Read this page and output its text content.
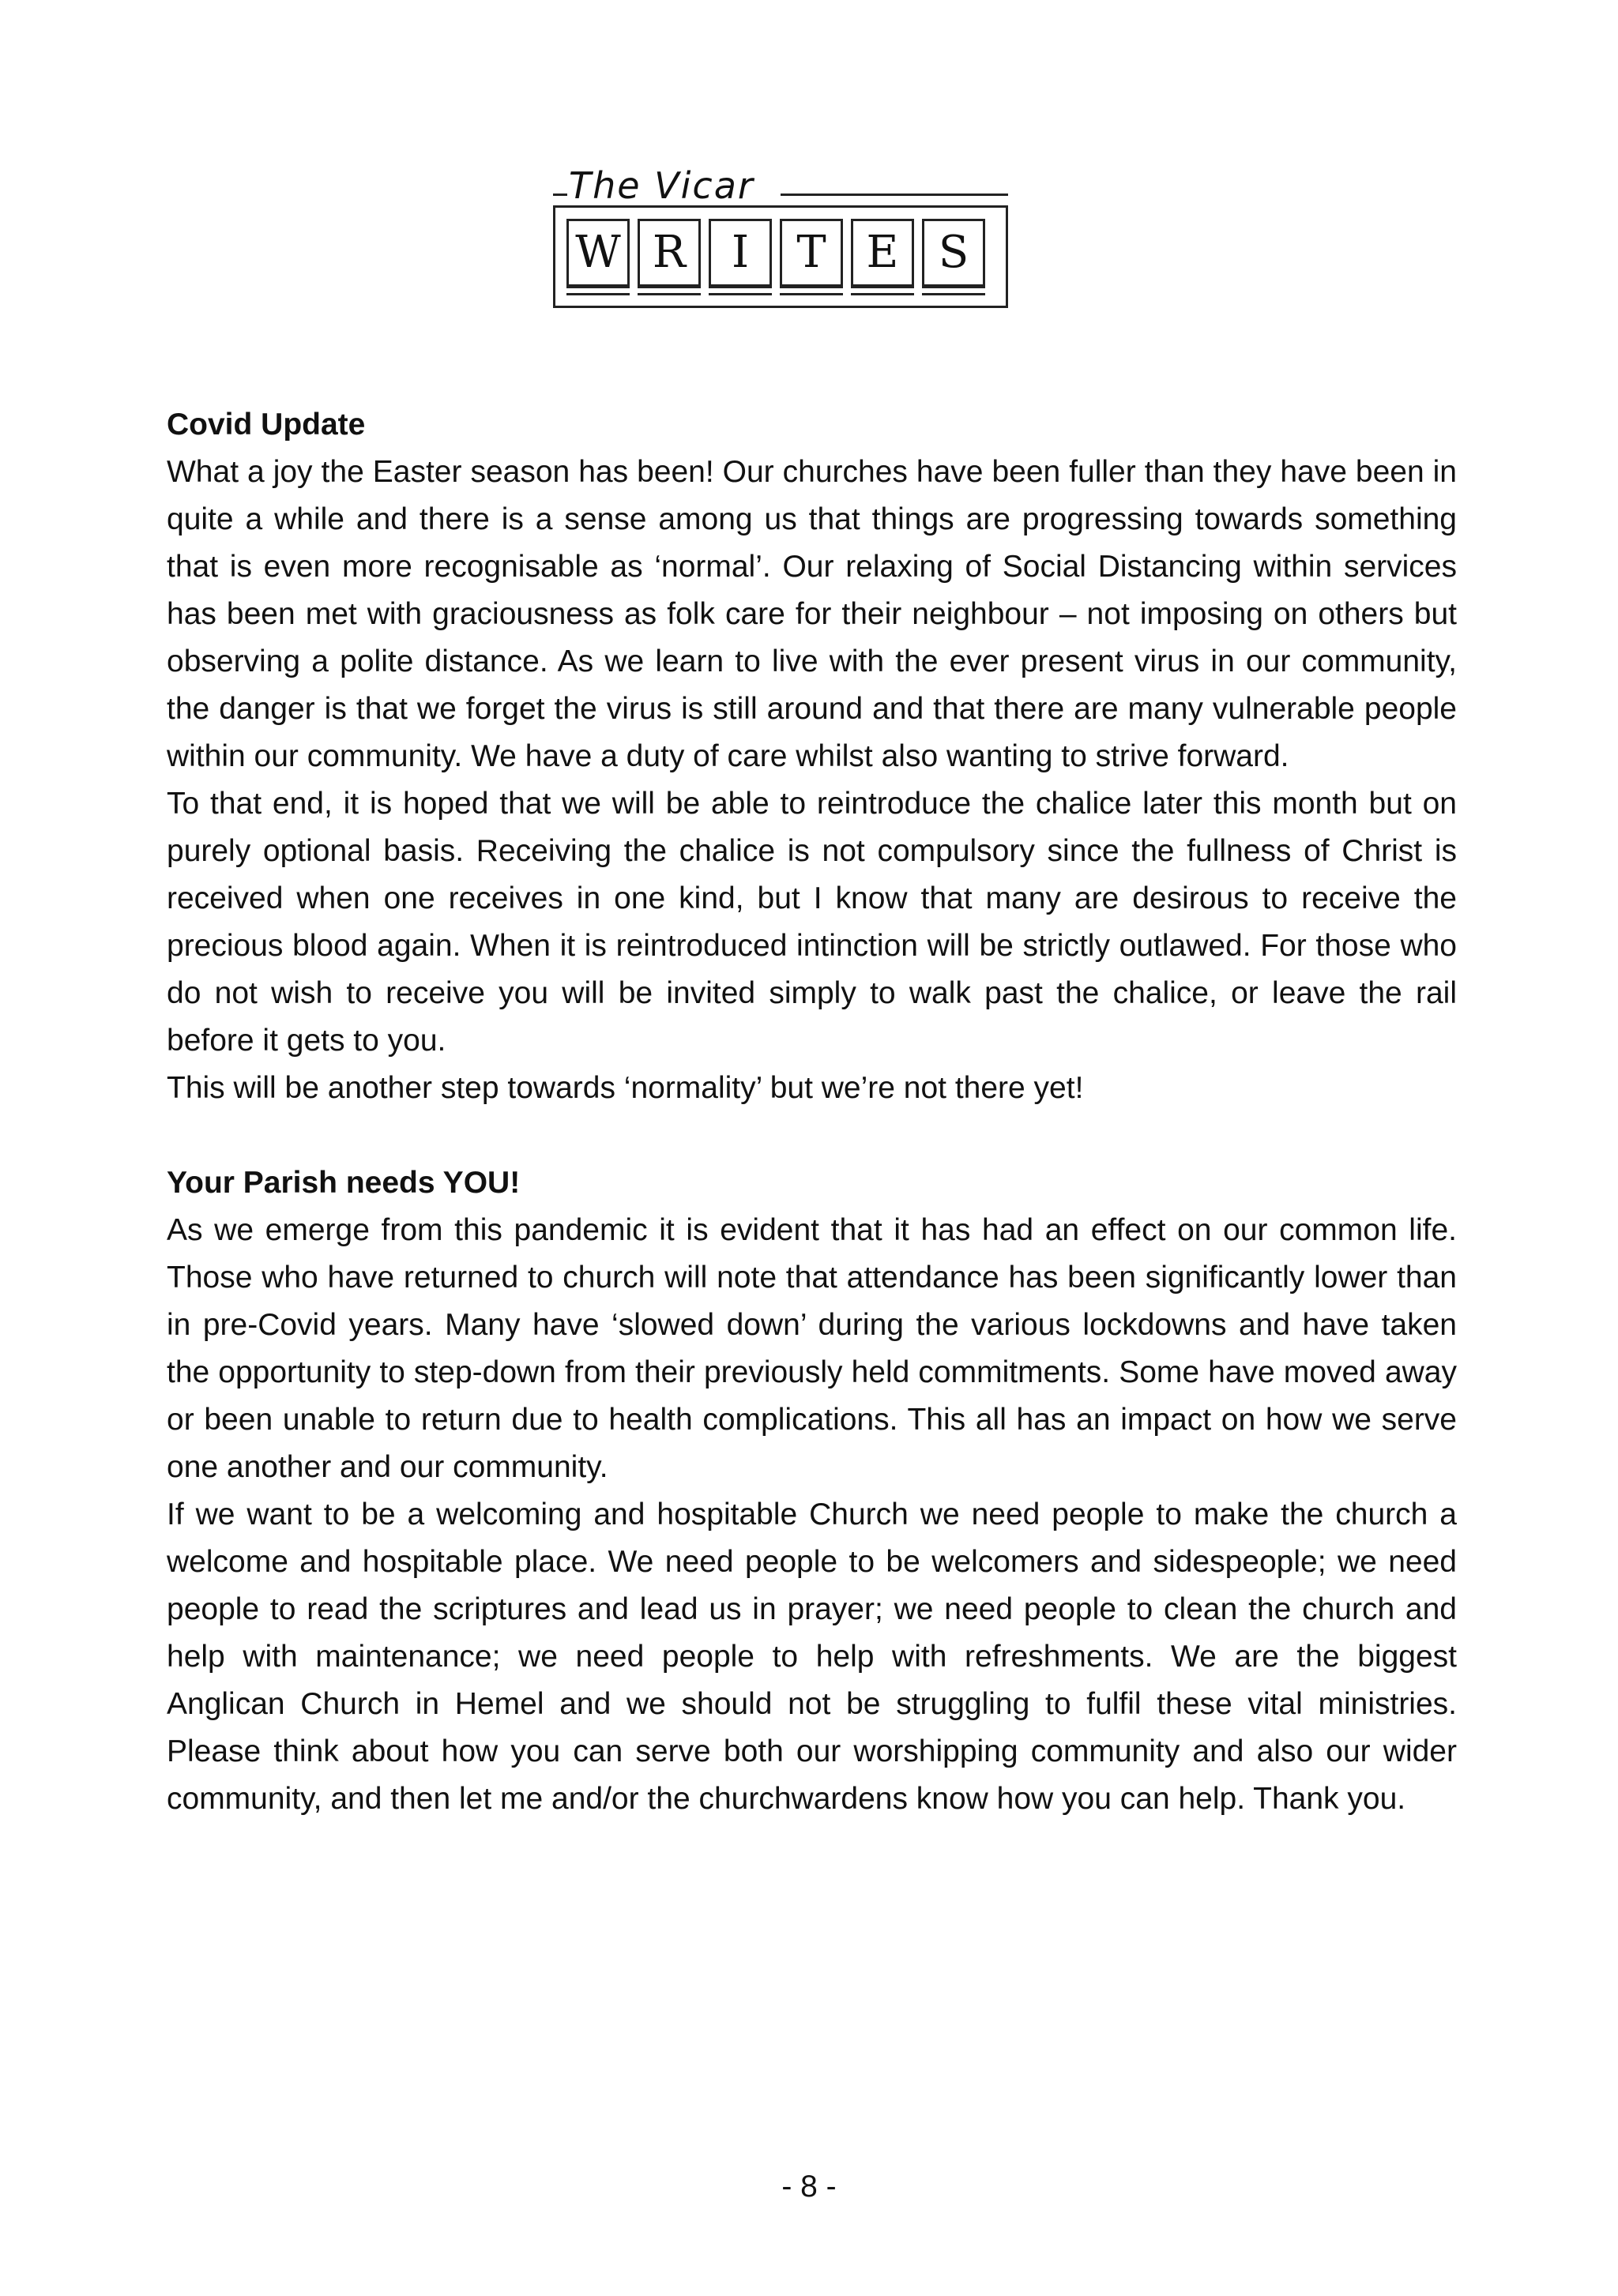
The Vicar
W R	I	T E S

Covid Update

What a joy the Easter season has been! Our churches have been fuller than they have been in quite a while and there is a sense among us that things are progressing towards something that is even more recognisable as ‘normal’. Our relaxing of Social Distancing within services has been met with graciousness as folk care for their neighbour – not imposing on others but observing a polite distance. As we learn to live with the ever present virus in our community, the danger is that we forget the virus is still around and that there are many vulnerable people within our community. We have a duty of care whilst also wanting to strive forward.

To that end, it is hoped that we will be able to reintroduce the chalice later this month but on purely optional basis. Receiving the chalice is not compulsory since the fullness of Christ is received when one receives in one kind, but I know that many are desirous to receive the precious blood again. When it is reintroduced intinction will be strictly outlawed. For those who do not wish to receive you will be invited simply to walk past the chalice, or leave the rail before it gets to you.

This will be another step towards ‘normality’ but we’re not there yet!

Your Parish needs YOU!

As we emerge from this pandemic it is evident that it has had an effect on our common life. Those who have returned to church will note that attendance has been significantly lower than in pre-Covid years. Many have ‘slowed down’ during the various lockdowns and have taken the opportunity to step-down from their previously held commitments. Some have moved away or been unable to return due to health complications. This all has an impact on how we serve one another and our community.

If we want to be a welcoming and hospitable Church we need people to make the church a welcome and hospitable place. We need people to be welcomers and sidespeople; we need people to read the scriptures and lead us in prayer; we need people to clean the church and help with maintenance; we need people to help with refreshments. We are the biggest Anglican Church in Hemel and we should not be struggling to fulfil these vital ministries. Please think about how you can serve both our worshipping community and also our wider community, and then let me and/or the churchwardens know how you can help. Thank you.

- 8 -
